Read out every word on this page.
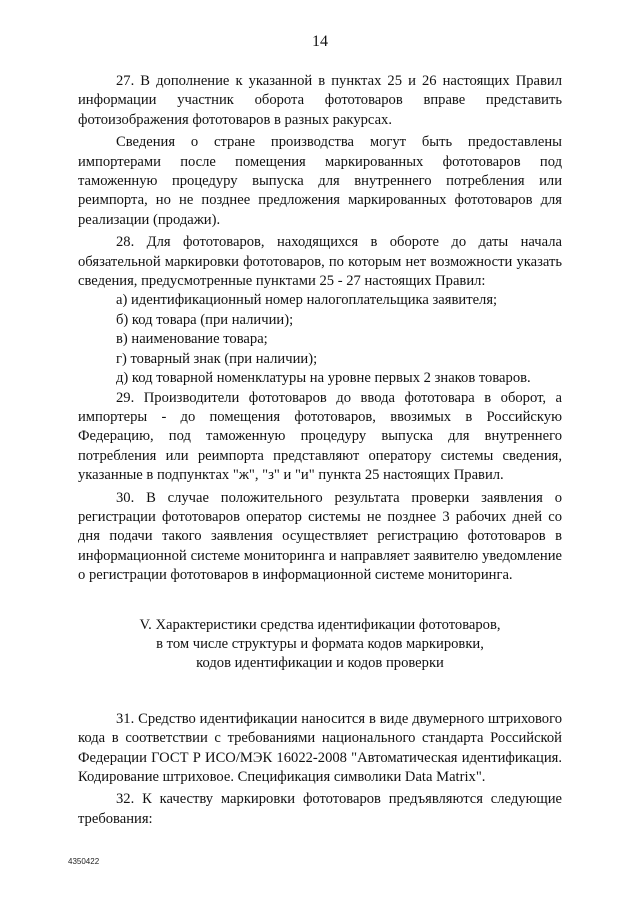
14

27. В дополнение к указанной в пунктах 25 и 26 настоящих Правил информации участник оборота фототоваров вправе представить фотоизображения фототоваров в разных ракурсах.

Сведения о стране производства могут быть предоставлены импортерами после помещения маркированных фототоваров под таможенную процедуру выпуска для внутреннего потребления или реимпорта, но не позднее предложения маркированных фототоваров для реализации (продажи).

28. Для фототоваров, находящихся в обороте до даты начала обязательной маркировки фототоваров, по которым нет возможности указать сведения, предусмотренные пунктами 25 - 27 настоящих Правил:

а) идентификационный номер налогоплательщика заявителя;

б) код товара (при наличии);

в) наименование товара;

г) товарный знак (при наличии);

д) код товарной номенклатуры на уровне первых 2 знаков товаров.

29. Производители фототоваров до ввода фототовара в оборот, а импортеры - до помещения фототоваров, ввозимых в Российскую Федерацию, под таможенную процедуру выпуска для внутреннего потребления или реимпорта представляют оператору системы сведения, указанные в подпунктах "ж", "з" и "и" пункта 25 настоящих Правил.

30. В случае положительного результата проверки заявления о регистрации фототоваров оператор системы не позднее 3 рабочих дней со дня подачи такого заявления осуществляет регистрацию фототоваров в информационной системе мониторинга и направляет заявителю уведомление о регистрации фототоваров в информационной системе мониторинга.

V. Характеристики средства идентификации фототоваров,
в том числе структуры и формата кодов маркировки,
кодов идентификации и кодов проверки

31. Средство идентификации наносится в виде двумерного штрихового кода в соответствии с требованиями национального стандарта Российской Федерации ГОСТ Р ИСО/МЭК 16022-2008 "Автоматическая идентификация. Кодирование штриховое. Спецификация символики Data Matrix".

32. К качеству маркировки фототоваров предъявляются следующие требования:

4350422
